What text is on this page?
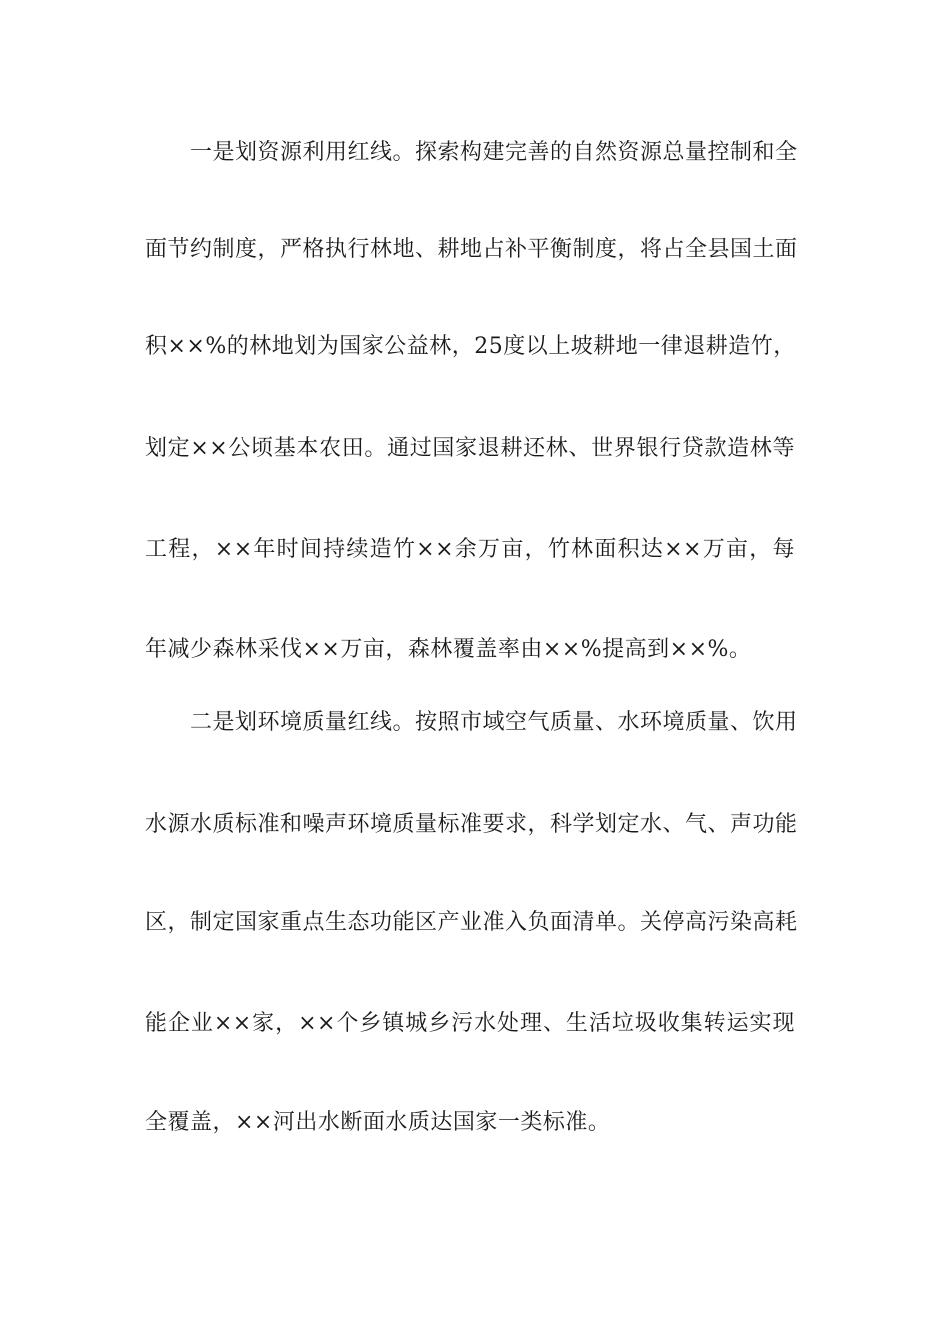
一是划资源利用红线。探索构建完善的自然资源总量控制和全
面节约制度，严格执行林地、耕地占补平衡制度，将占全县国土面
积××%的林地划为国家公益林，25度以上坡耕地一律退耕造竹，
划定××公顷基本农田。通过国家退耕还林、世界银行贷款造林等
工程，××年时间持续造竹××余万亩，竹林面积达××万亩，每
年减少森林采伐××万亩，森林覆盖率由××%提高到××%。
二是划环境质量红线。按照市域空气质量、水环境质量、饮用
水源水质标准和噪声环境质量标准要求，科学划定水、气、声功能
区，制定国家重点生态功能区产业准入负面清单。关停高污染高耗
能企业××家，××个乡镇城乡污水处理、生活垃圾收集转运实现
全覆盖，××河出水断面水质达国家一类标准。
